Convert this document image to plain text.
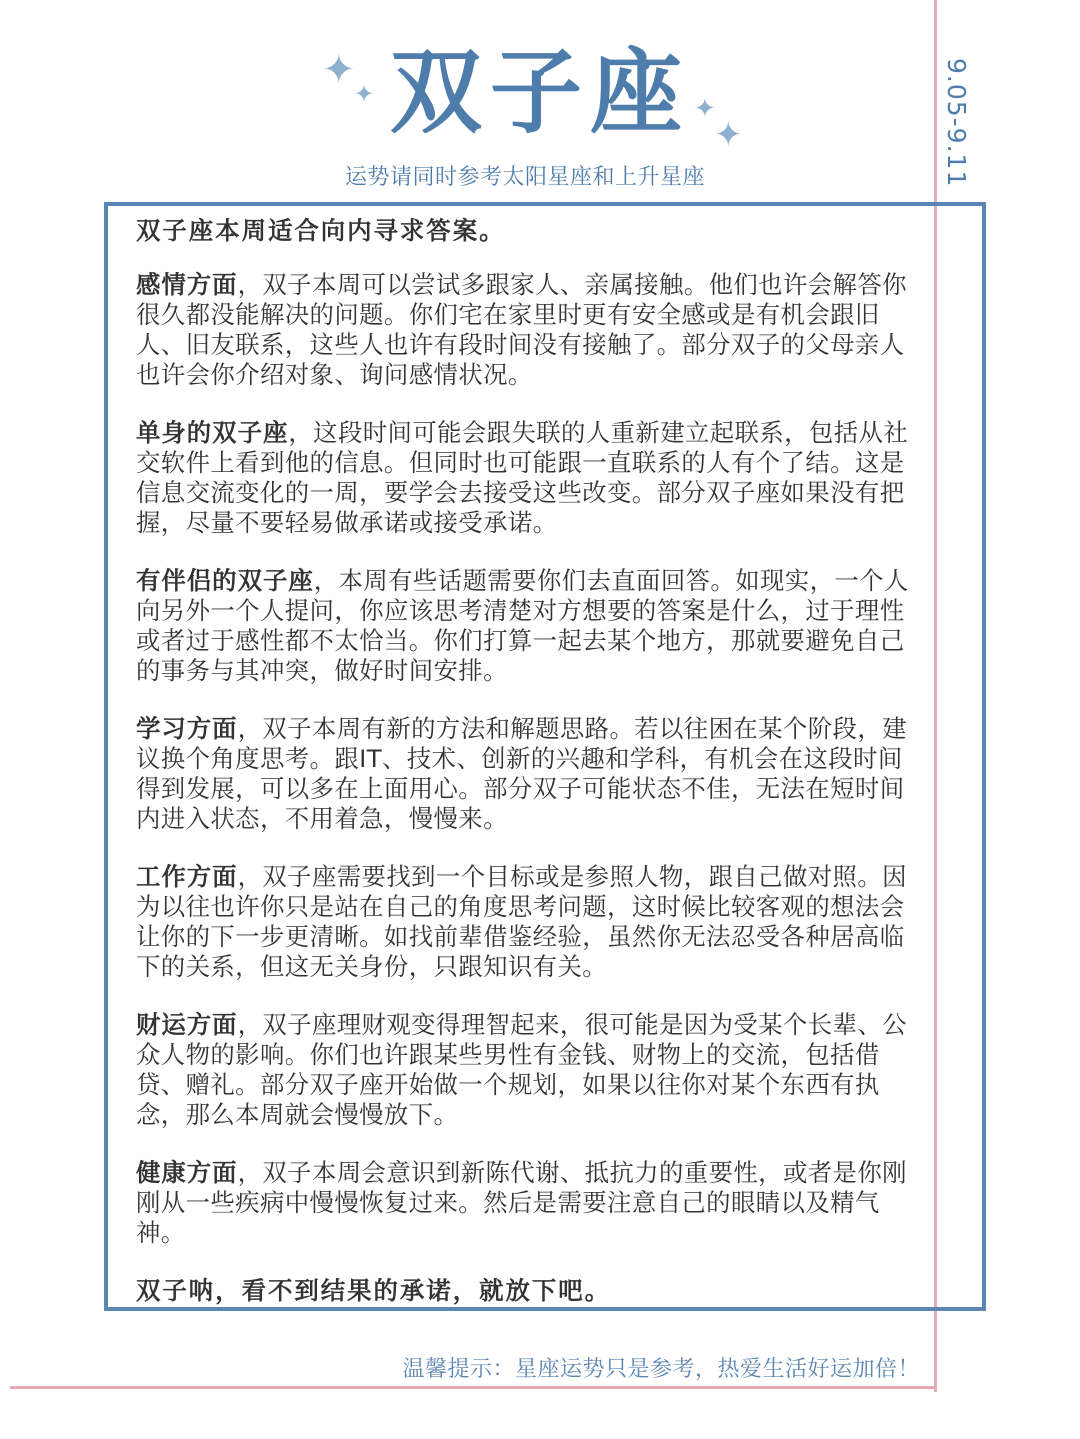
9.05-9.11
✦
✦	✦
✦
双子座
运势请同时参考太阳星座和上升星座

双子座本周适合向内寻求答案。

感情方面，双子本周可以尝试多跟家人、亲属接触。他们也许会解答你很久都没能解决的问题。你们宅在家里时更有安全感或是有机会跟旧人、旧友联系，这些人也许有段时间没有接触了。部分双子的父母亲人也许会你介绍对象、询问感情状况。

单身的双子座，这段时间可能会跟失联的人重新建立起联系，包括从社交软件上看到他的信息。但同时也可能跟一直联系的人有个了结。这是信息交流变化的一周，要学会去接受这些改变。部分双子座如果没有把握，尽量不要轻易做承诺或接受承诺。

有伴侣的双子座，本周有些话题需要你们去直面回答。如现实，一个人向另外一个人提问，你应该思考清楚对方想要的答案是什么，过于理性或者过于感性都不太恰当。你们打算一起去某个地方，那就要避免自己的事务与其冲突，做好时间安排。

学习方面，双子本周有新的方法和解题思路。若以往困在某个阶段，建议换个角度思考。跟IT、技术、创新的兴趣和学科，有机会在这段时间得到发展，可以多在上面用心。部分双子可能状态不佳，无法在短时间内进入状态，不用着急，慢慢来。

工作方面，双子座需要找到一个目标或是参照人物，跟自己做对照。因为以往也许你只是站在自己的角度思考问题，这时候比较客观的想法会让你的下一步更清晰。如找前辈借鉴经验，虽然你无法忍受各种居高临下的关系，但这无关身份，只跟知识有关。

财运方面，双子座理财观变得理智起来，很可能是因为受某个长辈、公众人物的影响。你们也许跟某些男性有金钱、财物上的交流，包括借贷、赠礼。部分双子座开始做一个规划，如果以往你对某个东西有执念，那么本周就会慢慢放下。

健康方面，双子本周会意识到新陈代谢、抵抗力的重要性，或者是你刚刚从一些疾病中慢慢恢复过来。然后是需要注意自己的眼睛以及精气神。

双子呐，看不到结果的承诺，就放下吧。

温馨提示：星座运势只是参考，热爱生活好运加倍！
